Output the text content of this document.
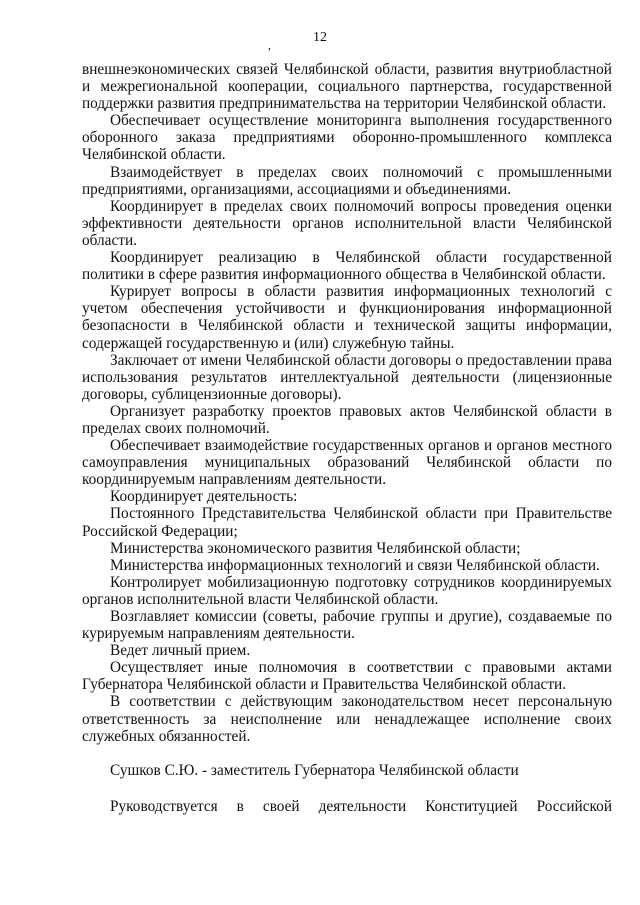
12
,

внешнеэкономических связей Челябинской области, развития внутриобластной и межрегиональной кооперации, социального партнерства, государственной поддержки развития предпринимательства на территории Челябинской области.

Обеспечивает осуществление мониторинга выполнения государственного оборонного заказа предприятиями оборонно-промышленного комплекса Челябинской области.

Взаимодействует в пределах своих полномочий с промышленными предприятиями, организациями, ассоциациями и объединениями.

Координирует в пределах своих полномочий вопросы проведения оценки эффективности деятельности органов исполнительной власти Челябинской области.

Координирует реализацию в Челябинской области государственной политики в сфере развития информационного общества в Челябинской области.

Курирует вопросы в области развития информационных технологий с учетом обеспечения устойчивости и функционирования информационной безопасности в Челябинской области и технической защиты информации, содержащей государственную и (или) служебную тайны.

Заключает от имени Челябинской области договоры о предоставлении права использования результатов интеллектуальной деятельности (лицензионные договоры, сублицензионные договоры).

Организует разработку проектов правовых актов Челябинской области в пределах своих полномочий.

Обеспечивает взаимодействие государственных органов и органов местного самоуправления муниципальных образований Челябинской области по координируемым направлениям деятельности.

Координирует деятельность:

Постоянного Представительства Челябинской области при Правительстве Российской Федерации;

Министерства экономического развития Челябинской области;

Министерства информационных технологий и связи Челябинской области.

Контролирует мобилизационную подготовку сотрудников координируемых органов исполнительной власти Челябинской области.

Возглавляет комиссии (советы, рабочие группы и другие), создаваемые по курируемым направлениям деятельности.

Ведет личный прием.

Осуществляет иные полномочия в соответствии с правовыми актами Губернатора Челябинской области и Правительства Челябинской области.

В соответствии с действующим законодательством несет персональную ответственность за неисполнение или ненадлежащее исполнение своих служебных обязанностей.

Сушков С.Ю. - заместитель Губернатора Челябинской области

Руководствуется в своей деятельности Конституцией Российской
